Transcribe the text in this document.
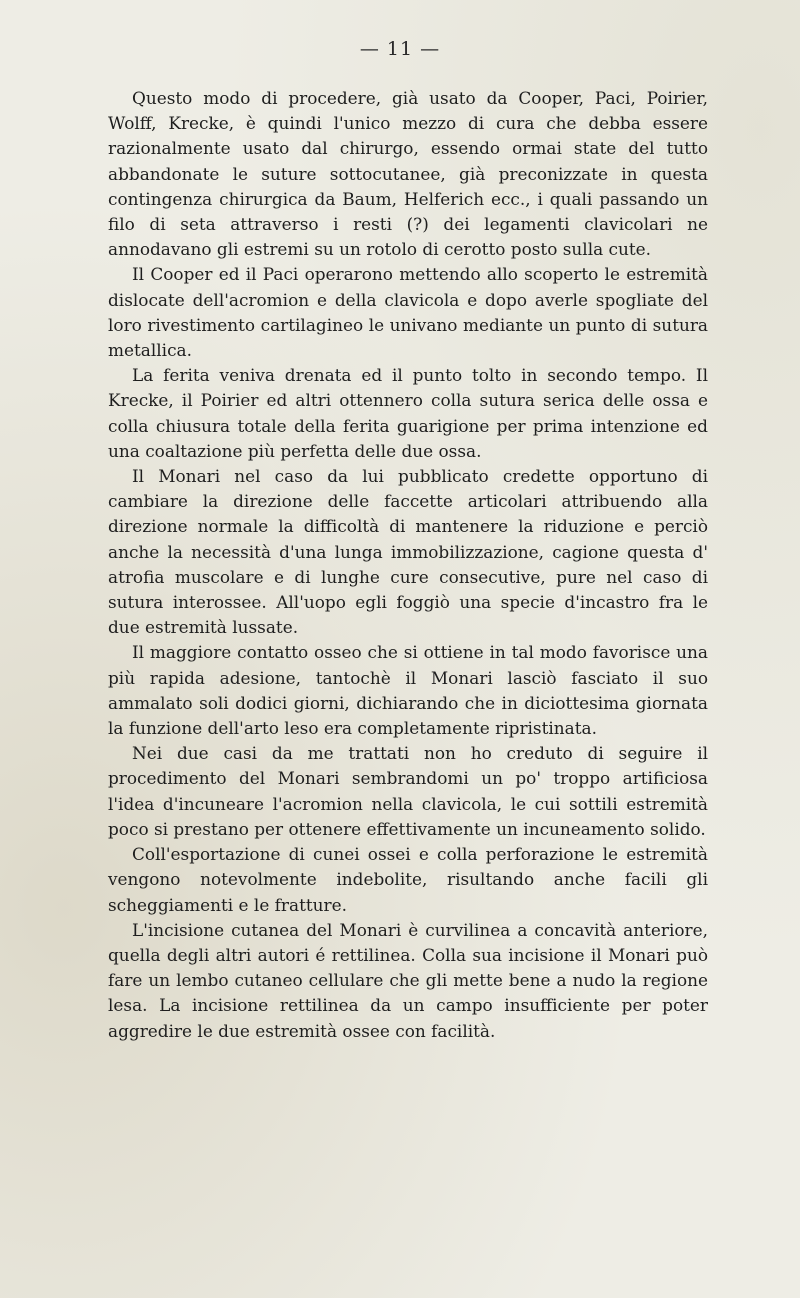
— 11 —

Questo modo di procedere, già usato da Cooper, Paci, Poirier, Wolff, Krecke, è quindi l'unico mezzo di cura che debba essere razionalmente usato dal chirurgo, essendo ormai state del tutto abbandonate le suture sottocutanee, già preconizzate in questa contingenza chirurgica da Baum, Helferich ecc., i quali passando un filo di seta attraverso i resti (?) dei legamenti clavicolari ne annodavano gli estremi su un rotolo di cerotto posto sulla cute.

Il Cooper ed il Paci operarono mettendo allo scoperto le estremità dislocate dell'acromion e della clavicola e dopo averle spogliate del loro rivestimento cartilagineo le univano mediante un punto di sutura metallica.

La ferita veniva drenata ed il punto tolto in secondo tempo. Il Krecke, il Poirier ed altri ottennero colla sutura serica delle ossa e colla chiusura totale della ferita guarigione per prima intenzione ed una coaltazione più perfetta delle due ossa.

Il Monari nel caso da lui pubblicato credette opportuno di cambiare la direzione delle faccette articolari attribuendo alla direzione normale la difficoltà di mantenere la riduzione e perciò anche la necessità d'una lunga immobilizzazione, cagione questa d' atrofia muscolare e di lunghe cure consecutive, pure nel caso di sutura interossee. All'uopo egli foggiò una specie d'incastro fra le due estremità lussate.

Il maggiore contatto osseo che si ottiene in tal modo favorisce una più rapida adesione, tantochè il Monari lasciò fasciato il suo ammalato soli dodici giorni, dichiarando che in diciottesima giornata la funzione dell'arto leso era completamente ripristinata.

Nei due casi da me trattati non ho creduto di seguire il procedimento del Monari sembrandomi un po' troppo artificiosa l'idea d'incuneare l'acromion nella clavicola, le cui sottili estremità poco si prestano per ottenere effettivamente un incuneamento solido.

Coll'esportazione di cunei ossei e colla perforazione le estremità vengono notevolmente indebolite, risultando anche facili gli scheggiamenti e le fratture.

L'incisione cutanea del Monari è curvilinea a concavità anteriore, quella degli altri autori é rettilinea. Colla sua incisione il Monari può fare un lembo cutaneo cellulare che gli mette bene a nudo la regione lesa. La incisione rettilinea da un campo insufficiente per poter aggredire le due estremità ossee con facilità.
